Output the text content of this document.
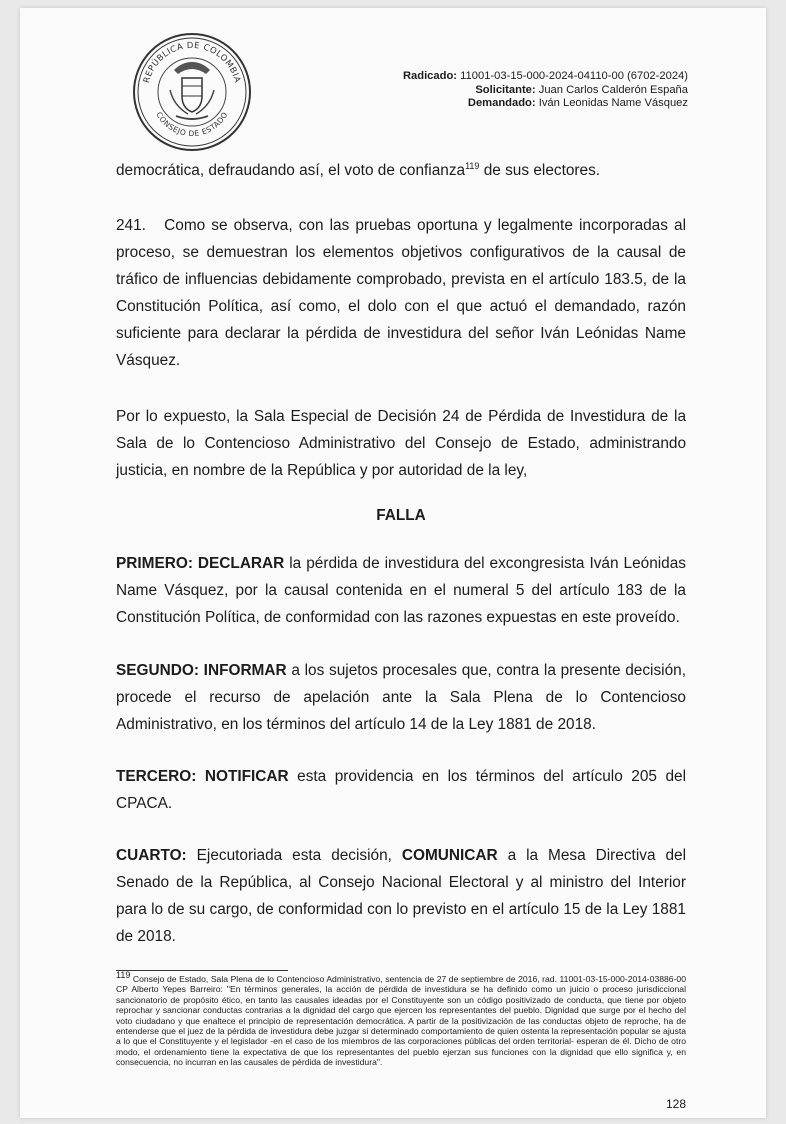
REPÚBLICA DE COLOMBIA
CONSEJO DE ESTADO
Radicado: 11001-03-15-000-2024-04110-00 (6702-2024)
Solicitante: Juan Carlos Calderón España
Demandado: Iván Leonidas Name Vásquez

democrática, defraudando así, el voto de confianza$^{119}$ de sus electores.

241.   Como se observa, con las pruebas oportuna y legalmente incorporadas al proceso, se demuestran los elementos objetivos configurativos de la causal de tráfico de influencias debidamente comprobado, prevista en el artículo 183.5, de la Constitución Política, así como, el dolo con el que actuó el demandado, razón suficiente para declarar la pérdida de investidura del señor Iván Leónidas Name Vásquez.

Por lo expuesto, la Sala Especial de Decisión 24 de Pérdida de Investidura de la Sala de lo Contencioso Administrativo del Consejo de Estado, administrando justicia, en nombre de la República y por autoridad de la ley,

FALLA

PRIMERO: DECLARAR la pérdida de investidura del excongresista Iván Leónidas Name Vásquez, por la causal contenida en el numeral 5 del artículo 183 de la Constitución Política, de conformidad con las razones expuestas en este proveído.

SEGUNDO: INFORMAR a los sujetos procesales que, contra la presente decisión, procede el recurso de apelación ante la Sala Plena de lo Contencioso Administrativo, en los términos del artículo 14 de la Ley 1881 de 2018.

TERCERO: NOTIFICAR esta providencia en los términos del artículo 205 del CPACA.

CUARTO: Ejecutoriada esta decisión, COMUNICAR a la Mesa Directiva del Senado de la República, al Consejo Nacional Electoral y al ministro del Interior para lo de su cargo, de conformidad con lo previsto en el artículo 15 de la Ley 1881 de 2018.

$^{119}$ Consejo de Estado, Sala Plena de lo Contencioso Administrativo, sentencia de 27 de septiembre de 2016, rad. 11001-03-15-000-2014-03886-00 CP Alberto Yepes Barreiro: "En términos generales, la acción de pérdida de investidura se ha definido como un juicio o proceso jurisdiccional sancionatorio de propósito ético, en tanto las causales ideadas por el Constituyente son un código positivizado de conducta, que tiene por objeto reprochar y sancionar conductas contrarias a la dignidad del cargo que ejercen los representantes del pueblo. Dignidad que surge por el hecho del voto ciudadano y que enaltece el principio de representación democrática. A partir de la positivización de las conductas objeto de reproche, ha de entenderse que el juez de la pérdida de investidura debe juzgar si determinado comportamiento de quien ostenta la representación popular se ajusta a lo que el Constituyente y el legislador -en el caso de los miembros de las corporaciones públicas del orden territorial- esperan de él. Dicho de otro modo, el ordenamiento tiene la expectativa de que los representantes del pueblo ejerzan sus funciones con la dignidad que ello significa y, en consecuencia, no incurran en las causales de pérdida de investidura".
128
